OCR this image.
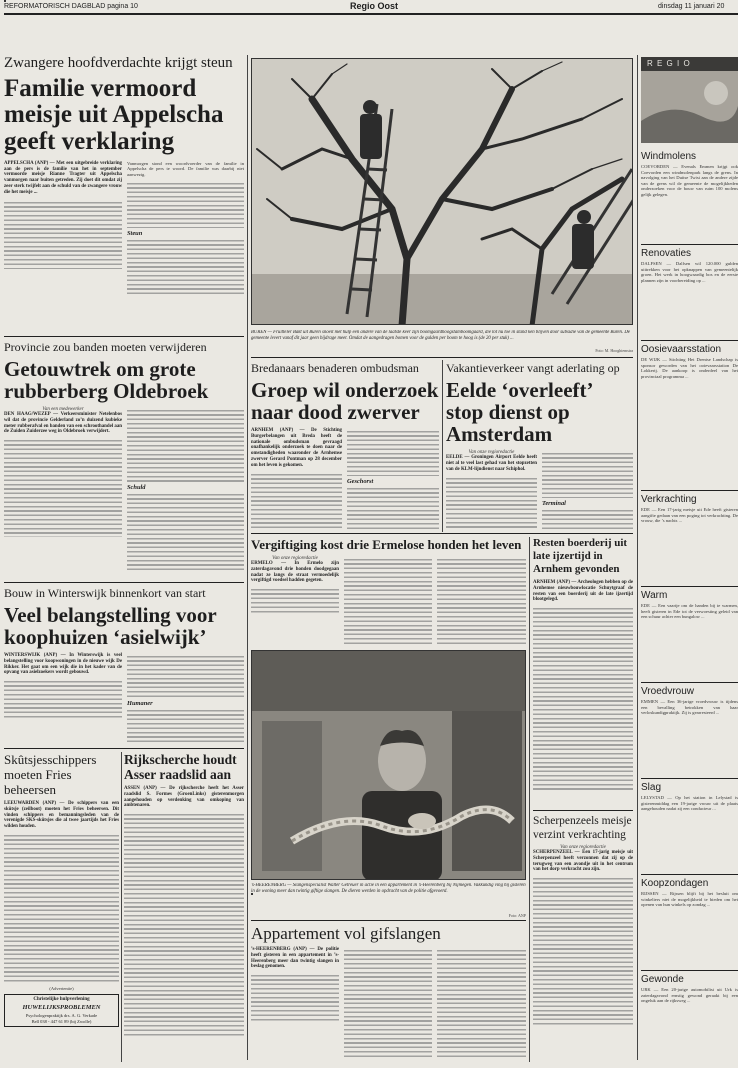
REFORMATORISCH DAGBLAD pagina 10	Regio Oost	dinsdag 11 januari 20
Zwangere hoofdverdachte krijgt steun
Familie vermoord meisje uit Appelscha geeft verklaring
APPELSCHA (ANP) — Met een uitgebreide verklaring aan de pers is de familie van het in september vermoorde meisje Rianne Tragter uit Appelscha vanmorgen naar buiten getreden. Zij doet dit omdat zij zeer sterk twijfelt aan de schuld van de zwangere vrouw die het meisje ...
Vanmorgen stond een woordvoerder van de familie in Appelscha de pers te woord. De familie was daarbij niet aanwezig.
Steun
Provincie zou banden moeten verwijderen
Getouwtrek om grote rubberberg Oldebroek
Van een medewerker
DEN HAAG/WEZEP — Verkeersminister Netelenbos wil dat de provincie Gelderland zo’n duizend kubieke meter rubberafval en banden van een schroothandel aan de Zuiden Zuiderzee weg in Oldebroek verwijdert.
Schuld
Bouw in Winterswijk binnenkort van start
Veel belangstelling voor koophuizen ‘asielwijk’
WINTERSWIJK (ANP) — In Winterswijk is veel belangstelling voor koopwoningen in de nieuwe wijk De Rikker. Het gaat om een wijk die in het kader van de opvang van asielzoekers wordt gebouwd.
Humaner
Skûtsjesschippers moeten Fries beheersen
LEEUWARDEN (ANP) — De schippers van een skûtsje (zeilboot) moeten het Fries beheersen. Dit vinden schippers en bemanningsleden van de verenigde SKS-skûtsjes die al twee jaartijds het Fries wilden houden.
(Advertentie)
Christelijke hulpverlening
HUWELIJKSPROBLEMEN
Psychologenpraktijk drs. A. G. Verkade
Bell 038 - 447 61 89 (bij Zwolle)
Rijkscherche houdt Asser raadslid aan
ASSEN (ANP) — De rijkscherche heeft het Asser raadslid S. Formes (GroenLinks) gisterenmorgen aangehouden op verdenking van omkoping van ambtenaren.
BUREN — Fruitteler Bakt uit Buren snoeit met hulp een andere van de laatste keer zijn boomgaardhoogstamboomgaard, die tot nu toe in stand ken blijven door subsidie van de gemeente Buren. De gemeente levert vanaf dit jaar geen bijdrage meer. Omdat de aangedragen bomen voor de gulden per boom te hoog is (de 20 per stuk) ...
Foto: M. Hooghiemstra
Bredanaars benaderen ombudsman
Groep wil onderzoek naar dood zwerver
ARNHEM (ANP) — De Stichting Burgerbelangen uit Breda heeft de nationale ombudsman gevraagd onafhankelijk onderzoek te doen naar de omstandigheden waaronder de Arnhemse zwerver Gerard Pontman op 28 december om het leven is gekomen.
Geschorst
Vakantieverkeer vangt aderlating op
Eelde ‘overleeft’ stop dienst op Amsterdam
Van onze regioredactie
EELDE — Groningen Airport Eelde heeft niet al te veel last gehad van het stopzetten van de KLM-lijndienst naar Schiphol.
Terminal
Vergiftiging kost drie Ermelose honden het leven
Van onze regioredactie
ERMELO — In Ermelo zijn zaterdagavond drie honden doodgegaan nadat ze langs de straat vermoedelijk vergiftigd voedsel hadden gegeten.
’s-HEERENBERG — Slangenspecialist Walter Getreuer in actie in een appartement in ’s-Heerenberg bij Nijmegen. Vakkundig ving hij gisteren in de woning meer dan twintig giftige slangen. De dieren werden in opdracht van de politie afgevoerd.
Foto: ANP
Appartement vol gifslangen
’s-HEERENBERG (ANP) — De politie heeft gisteren in een appartement in ’s-Heerenberg meer dan twintig slangen in beslag genomen.
Resten boerderij uit late ijzertijd in Arnhem gevonden
ARNHEM (ANP) — Archeologen hebben op de Arnhemse nieuwbouwlocatie Schuytgraaf de resten van een boerderij uit de late ijzertijd blootgelegd.
Scherpenzeels meisje verzint verkrachting
Van onze regioredactie
SCHERPENZEEL — Een 17-jarig meisje uit Scherpenzeel heeft verzonnen dat zij op de terugweg van een avondje uit in het centrum van het dorp verkracht zou zijn.
R E G I O
Windmolens
COEVORDEN — Evenals Emmen krijgt ook Coevorden een windmolenpark langs de grens. In navolging van het Duitse Twist aan de andere zijde van de grens wil de gemeente de mogelijkheden onderzoeken voor de bouw van ruim 100 molens gelijk gelegen.
Renovaties
DALFSEN — Dalfsen wil 120.000 gulden uittrekken voor het opknappen van gemeentelijk groen. Het werk in hoogwaardig bos en de eerste plannen zijn in voorbereiding op ...
Oosievaarsstation
DE WIJK — Stichting Het Drentse Landschap is sponsor geworden van het ooievaarsstation De Lokkerij. De aankoop is onderdeel van het provinciaal programma ...
Verkrachting
EDE — Een 17-jarig meisje uit Ede heeft gisteren aangifte gedaan van een poging tot verkrachting. De vrouw, die ’s nachts ...
Warm
EDE — Een vaartje om de handen bij te warmen, heeft gisteren in Ede tot de verwoesting geleid van een schuur achter een bungalow ...
Vroedvrouw
EMMEN — Een 36-jarige vroedvrouw is tijdens een bevalling betrokken van haar verloskundigpraktijk. Zij is gearresteerd ...
Slag
LELYSTAD — Op het station in Lelystad is gisterenmiddag een 19-jarige vrouw uit de plaats aangehouden nadat zij een conducteur ...
Koopzondagen
RIJSSEN — Rijssen blijft bij het besluit om winkeliers niet de mogelijkheid te bieden om het openen van hun winkels op zondag ...
Gewonde
URK — Een 20-jarige automobilist uit Urk is zaterdagavond ernstig gewond geraakt bij een ongeluk aan de rijksweg ...
